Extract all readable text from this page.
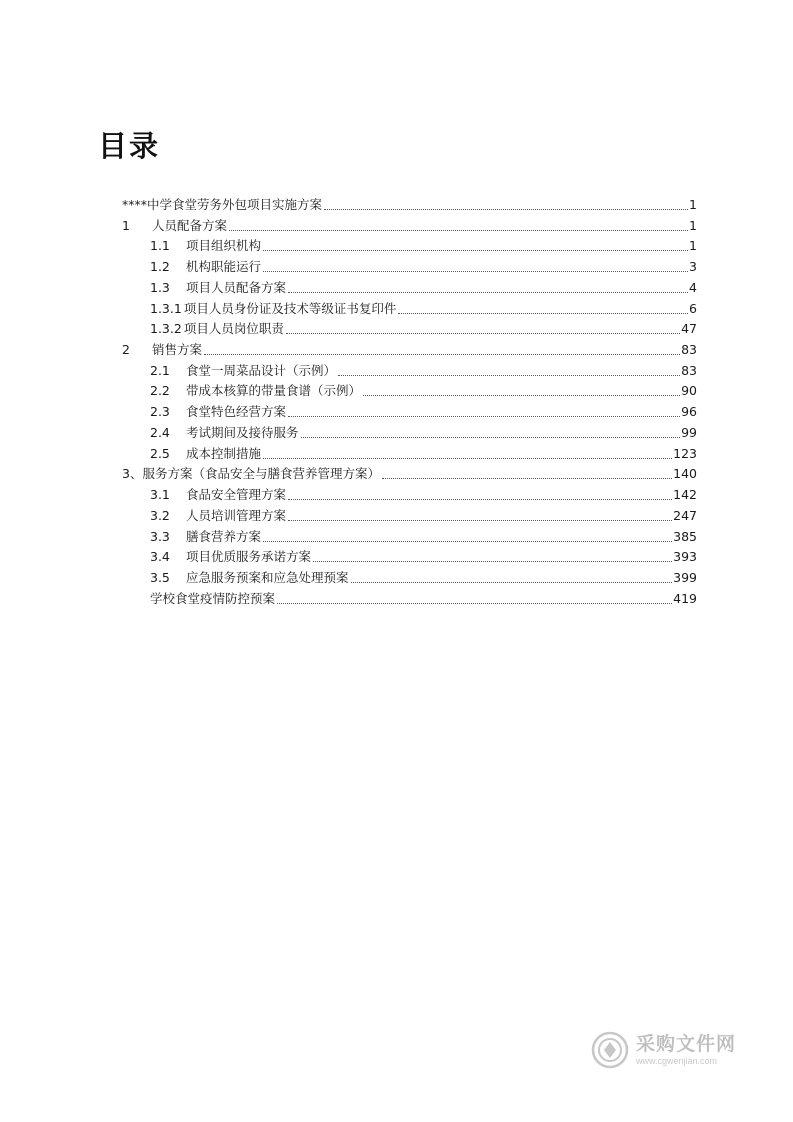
目录
****中学食堂劳务外包项目实施方案	1
1	人员配备方案	1
1.1	项目组织机构	1
1.2	机构职能运行	3
1.3	项目人员配备方案	4
1.3.1 项目人员身份证及技术等级证书复印件	6
1.3.2 项目人员岗位职责	47
2	销售方案	83
2.1	食堂一周菜品设计（示例）	83
2.2	带成本核算的带量食谱（示例）	90
2.3	食堂特色经营方案	96
2.4	考试期间及接待服务	99
2.5	成本控制措施	123
3、服务方案（食品安全与膳食营养管理方案）	140
3.1	食品安全管理方案	142
3.2	人员培训管理方案	247
3.3	膳食营养方案	385
3.4	项目优质服务承诺方案	393
3.5	应急服务预案和应急处理预案	399
学校食堂疫情防控预案	419
采购文件网
www.cgwenjian.com
